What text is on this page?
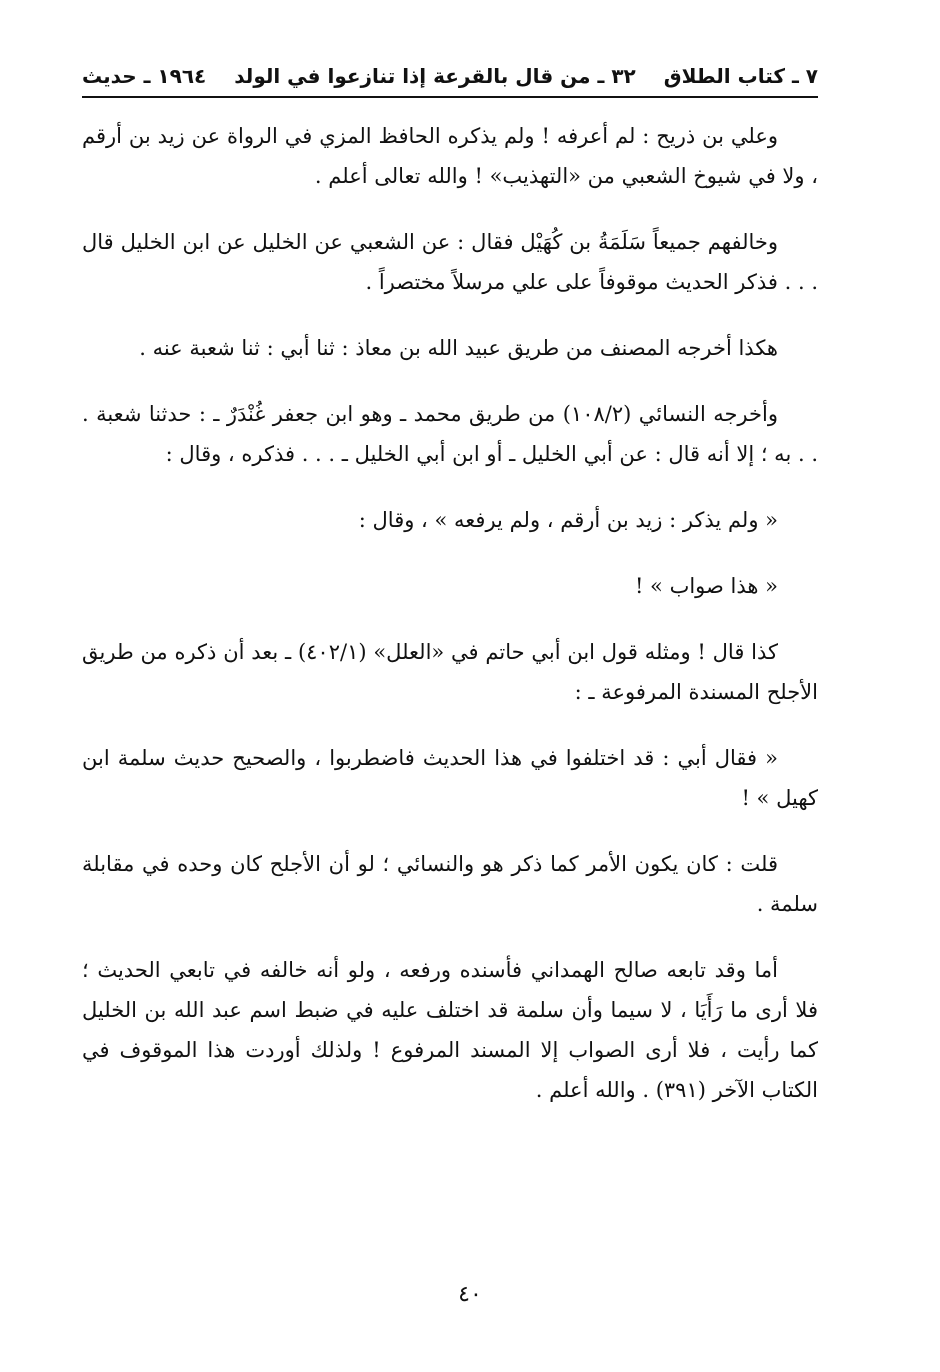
٧ ـ كتاب الطلاق
٣٢ ـ من قال بالقرعة إذا تنازعوا في الولد
١٩٦٤ ـ حديث

وعلي بن ذريح : لم أعرفه ! ولم يذكره الحافظ المزي في الرواة عن زيد بن أرقم ، ولا في شيوخ الشعبي من «التهذيب» ! والله تعالى أعلم .

وخالفهم جميعاً سَلَمَةُ بن كُهَيْل فقال : عن الشعبي عن الخليل عن ابن الخليل قال . . . فذكر الحديث موقوفاً على علي مرسلاً مختصراً .

هكذا أخرجه المصنف من طريق عبيد الله بن معاذ : ثنا أبي : ثنا شعبة عنه .

وأخرجه النسائي (١٠٨/٢) من طريق محمد ـ وهو ابن جعفر غُنْدَرٌ ـ : حدثنا شعبة . . . به ؛ إلا أنه قال : عن أبي الخليل ـ أو ابن أبي الخليل ـ . . . فذكره ، وقال :

« ولم يذكر : زيد بن أرقم ، ولم يرفعه » ، وقال :

« هذا صواب » !

كذا قال ! ومثله قول ابن أبي حاتم في «العلل» (٤٠٢/١) ـ بعد أن ذكره من طريق الأجلح المسندة المرفوعة ـ :

« فقال أبي : قد اختلفوا في هذا الحديث فاضطربوا ، والصحيح حديث سلمة ابن كهيل » !

قلت : كان يكون الأمر كما ذكر هو والنسائي ؛ لو أن الأجلح كان وحده في مقابلة سلمة .

أما وقد تابعه صالح الهمداني فأسنده ورفعه ، ولو أنه خالفه في تابعي الحديث ؛ فلا أرى ما رَأَيَا ، لا سيما وأن سلمة قد اختلف عليه في ضبط اسم عبد الله بن الخليل كما رأيت ، فلا أرى الصواب إلا المسند المرفوع ! ولذلك أوردت هذا الموقوف في الكتاب الآخر (٣٩١) . والله أعلم .

٤٠
